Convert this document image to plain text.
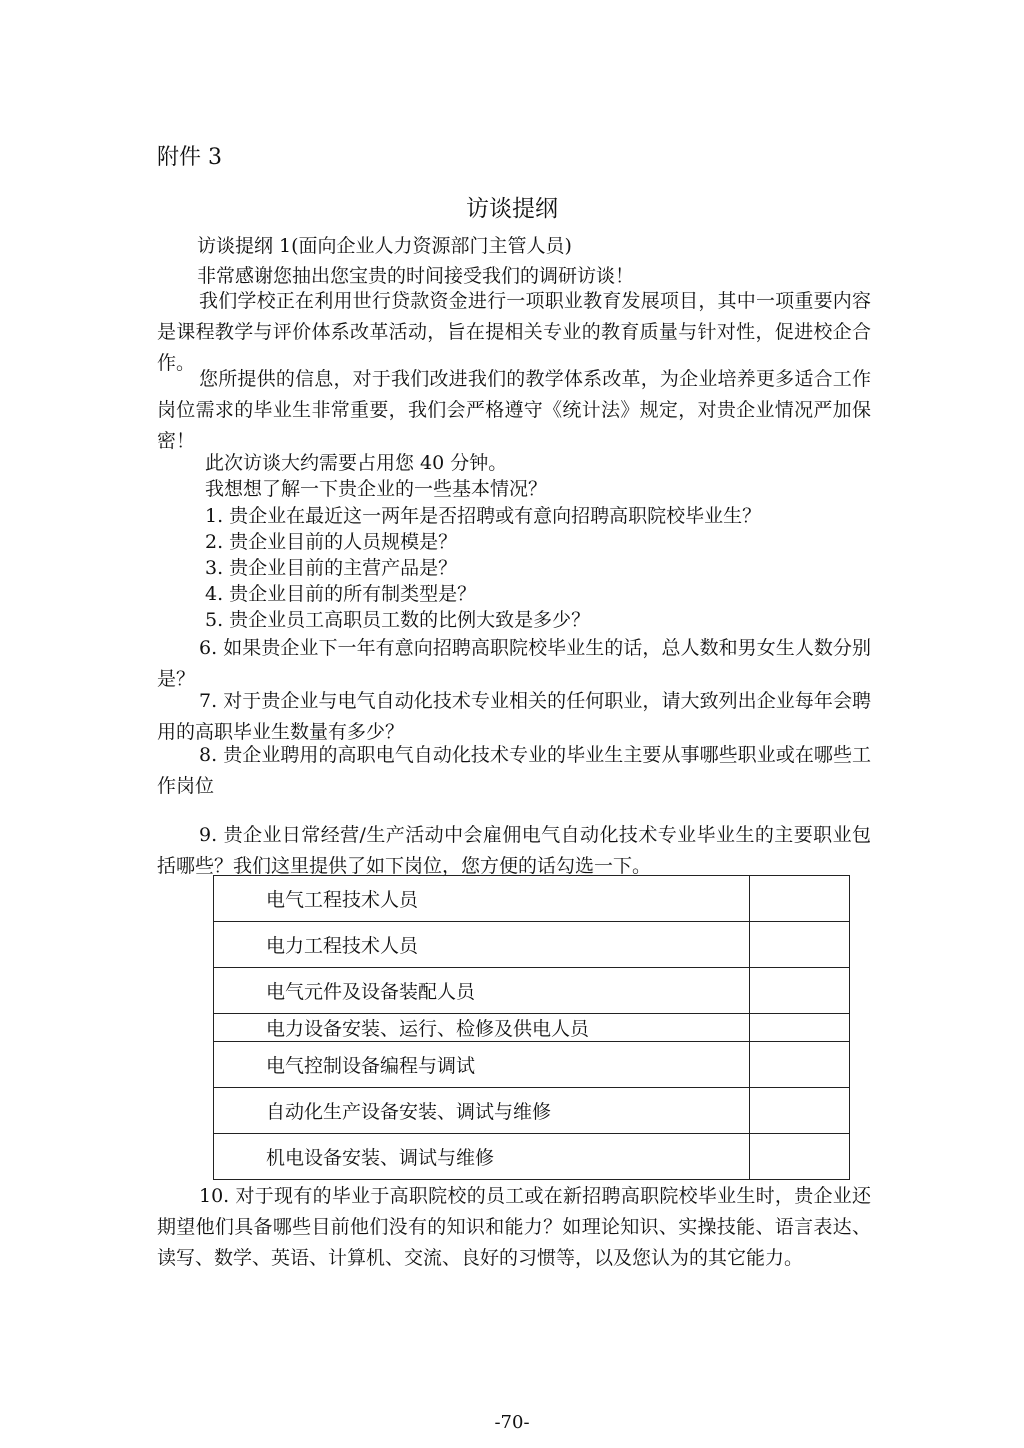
附件 3
访谈提纲
访谈提纲 1(面向企业人力资源部门主管人员)
非常感谢您抽出您宝贵的时间接受我们的调研访谈！
我们学校正在利用世行贷款资金进行一项职业教育发展项目，其中一项重要内容是课程教学与评价体系改革活动，旨在提相关专业的教育质量与针对性，促进校企合作。
您所提供的信息，对于我们改进我们的教学体系改革，为企业培养更多适合工作岗位需求的毕业生非常重要，我们会严格遵守《统计法》规定，对贵企业情况严加保密！
此次访谈大约需要占用您 40 分钟。
我想想了解一下贵企业的一些基本情况？
1. 贵企业在最近这一两年是否招聘或有意向招聘高职院校毕业生？
2. 贵企业目前的人员规模是？
3. 贵企业目前的主营产品是？
4. 贵企业目前的所有制类型是？
5. 贵企业员工高职员工数的比例大致是多少？
6. 如果贵企业下一年有意向招聘高职院校毕业生的话，总人数和男女生人数分别是？
7. 对于贵企业与电气自动化技术专业相关的任何职业，请大致列出企业每年会聘用的高职毕业生数量有多少？
8. 贵企业聘用的高职电气自动化技术专业的毕业生主要从事哪些职业或在哪些工作岗位
9. 贵企业日常经营/生产活动中会雇佣电气自动化技术专业毕业生的主要职业包括哪些？我们这里提供了如下岗位，您方便的话勾选一下。
电气工程技术人员	
电力工程技术人员	
电气元件及设备装配人员	
电力设备安装、运行、检修及供电人员	
电气控制设备编程与调试	
自动化生产设备安装、调试与维修	
机电设备安装、调试与维修	
10. 对于现有的毕业于高职院校的员工或在新招聘高职院校毕业生时，贵企业还期望他们具备哪些目前他们没有的知识和能力？如理论知识、实操技能、语言表达、读写、数学、英语、计算机、交流、良好的习惯等，以及您认为的其它能力。
-70-
